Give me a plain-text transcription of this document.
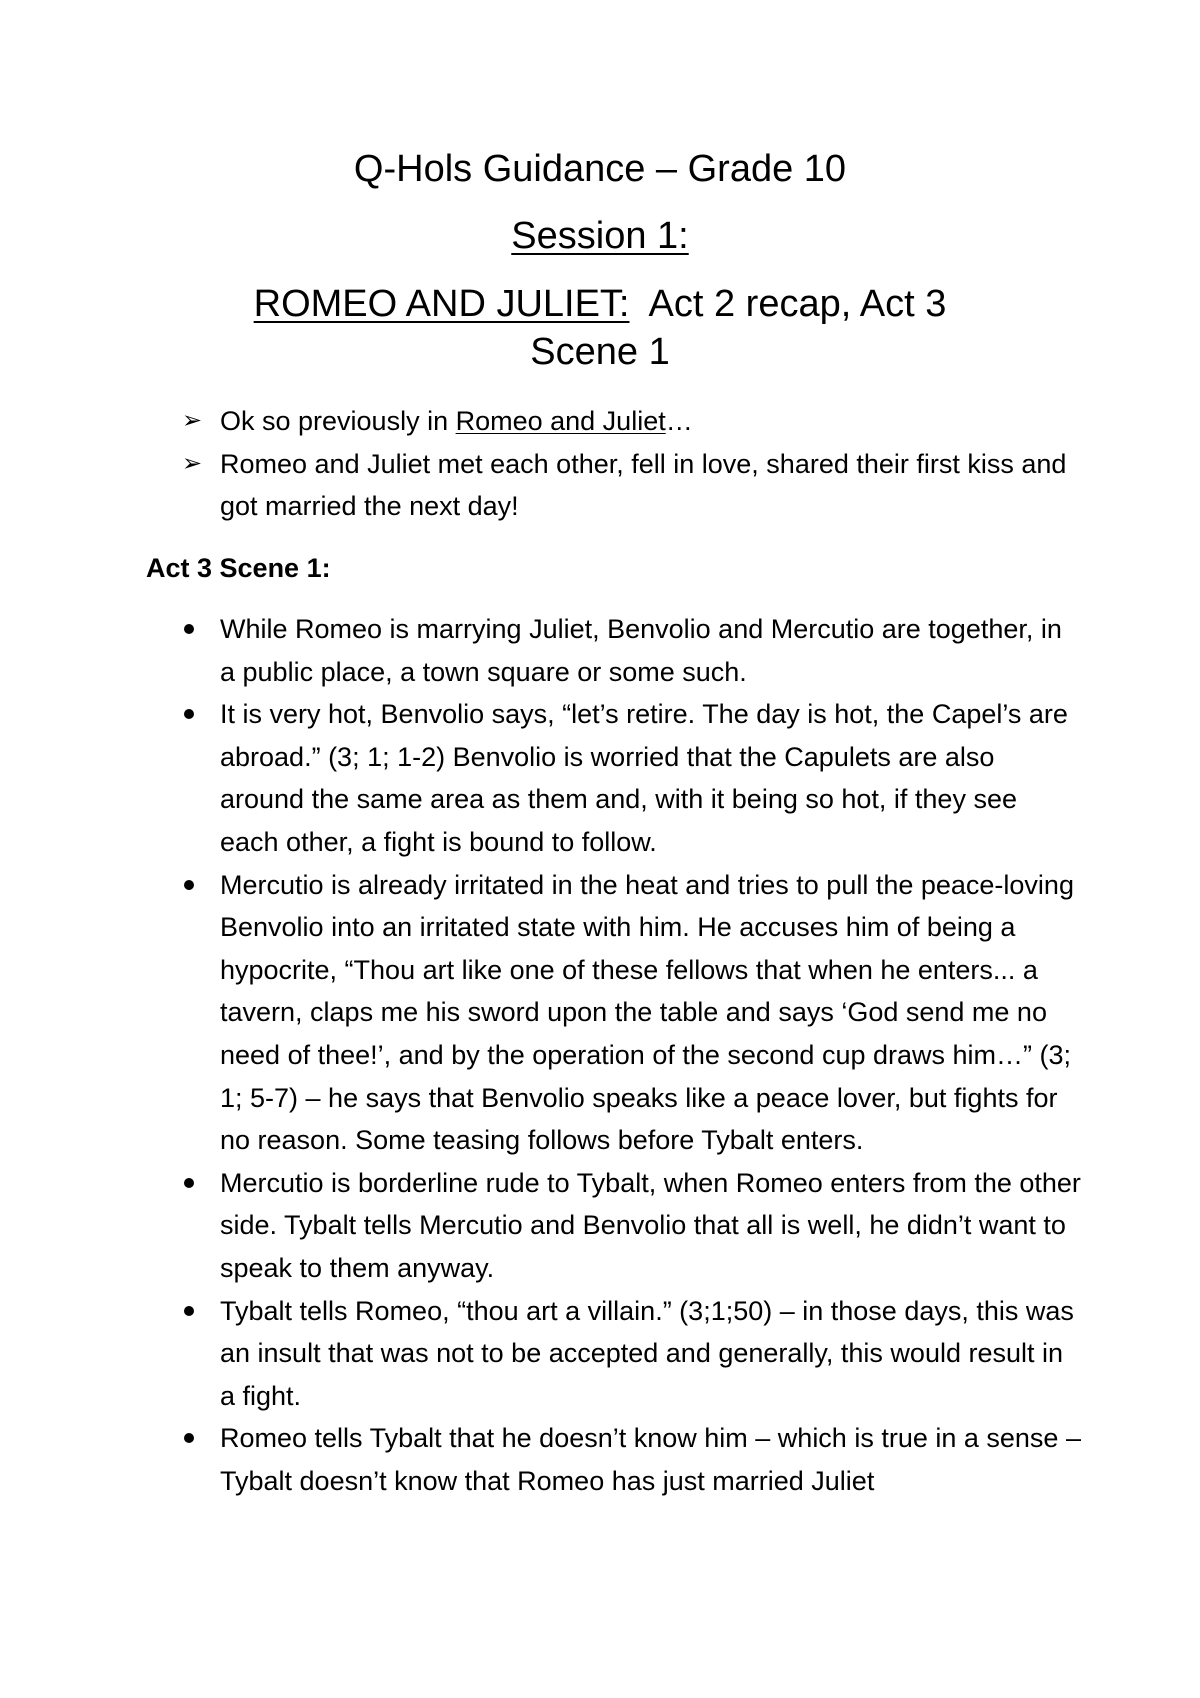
Q-Hols Guidance – Grade 10
Session 1:
ROMEO AND JULIET: Act 2 recap, Act 3
Scene 1
➢ Ok so previously in Romeo and Juliet…
➢ Romeo and Juliet met each other, fell in love, shared their first kiss and got married the next day!
Act 3 Scene 1:
While Romeo is marrying Juliet, Benvolio and Mercutio are together, in a public place, a town square or some such.
It is very hot, Benvolio says, “let’s retire. The day is hot, the Capel’s are abroad.” (3; 1; 1-2) Benvolio is worried that the Capulets are also around the same area as them and, with it being so hot, if they see each other, a fight is bound to follow.
Mercutio is already irritated in the heat and tries to pull the peace-loving Benvolio into an irritated state with him. He accuses him of being a hypocrite, “Thou art like one of these fellows that when he enters... a tavern, claps me his sword upon the table and says ‘God send me no need of thee!’, and by the operation of the second cup draws him…” (3; 1; 5-7) – he says that Benvolio speaks like a peace lover, but fights for no reason. Some teasing follows before Tybalt enters.
Mercutio is borderline rude to Tybalt, when Romeo enters from the other side. Tybalt tells Mercutio and Benvolio that all is well, he didn’t want to speak to them anyway.
Tybalt tells Romeo, “thou art a villain.” (3;1;50) – in those days, this was an insult that was not to be accepted and generally, this would result in a fight.
Romeo tells Tybalt that he doesn’t know him – which is true in a sense – Tybalt doesn’t know that Romeo has just married Juliet
